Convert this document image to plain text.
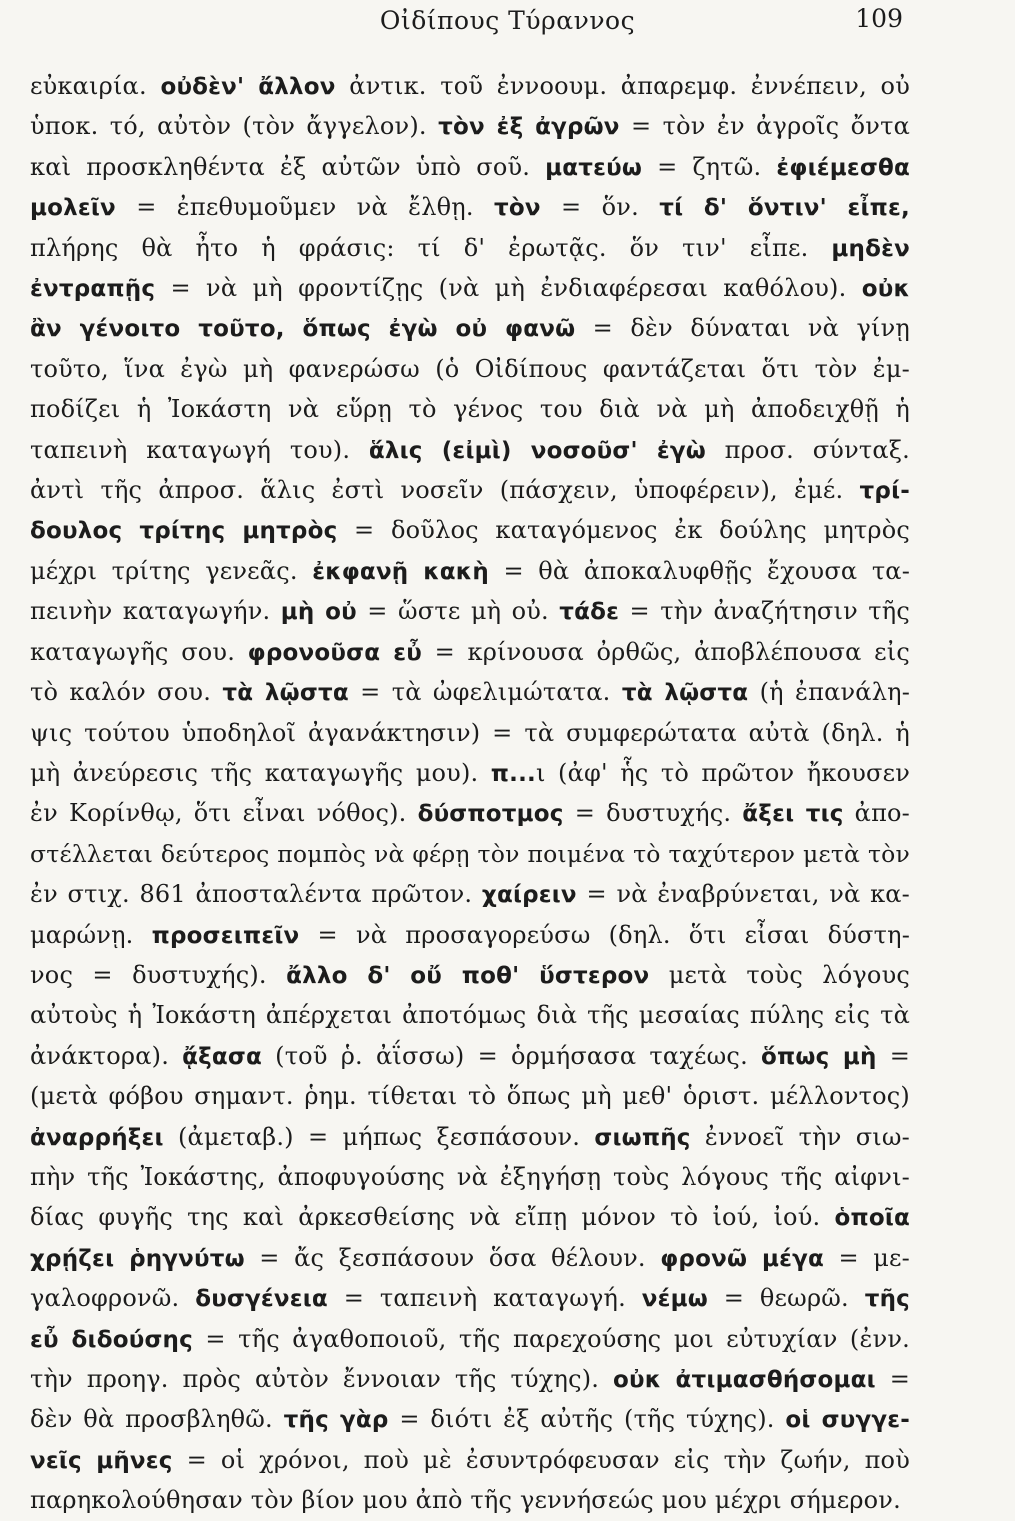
Οἰδίπους Τύραννος	109
εὐκαιρία. οὐδὲν' ἄλλον ἀντικ. τοῦ ἐννοουμ. ἀπαρεμφ. ἐννέπειν, οὐ
ὑποκ. τό, αὐτὸν (τὸν ἄγγελον). τὸν ἐξ ἀγρῶν = τὸν ἐν ἀγροῖς ὄντα
καὶ προσκληθέντα ἐξ αὐτῶν ὑπὸ σοῦ. ματεύω = ζητῶ. ἐφιέμεσθα
μολεῖν = ἐπεθυμοῦμεν νὰ ἔλθῃ. τὸν = ὅν. τί δ' ὅντιν' εἶπε,
πλήρης θὰ ἦτο ἡ φράσις: τί δ' ἐρωτᾷς. ὅν τιν' εἶπε. μηδὲν
ἐντραπῇς = νὰ μὴ φροντίζῃς (νὰ μὴ ἐνδιαφέρεσαι καθόλου). οὐκ
ἂν γένοιτο τοῦτο, ὅπως ἐγὼ οὐ φανῶ = δὲν δύναται νὰ γίνῃ
τοῦτο, ἵνα ἐγὼ μὴ φανερώσω (ὁ Οἰδίπους φαντάζεται ὅτι τὸν ἐμ-
ποδίζει ἡ Ἰοκάστη νὰ εὕρῃ τὸ γένος του διὰ νὰ μὴ ἀποδειχθῇ ἡ
ταπεινὴ καταγωγή του). ἅλις (εἰμὶ) νοσοῦσ' ἐγὼ προσ. σύνταξ.
ἀντὶ τῆς ἀπροσ. ἅλις ἐστὶ νοσεῖν (πάσχειν, ὑποφέρειν), ἐμέ. τρί-
δουλος τρίτης μητρὸς = δοῦλος καταγόμενος ἐκ δούλης μητρὸς
μέχρι τρίτης γενεᾶς. ἐκφανῇ κακὴ = θὰ ἀποκαλυφθῇς ἔχουσα τα-
πεινὴν καταγωγήν. μὴ οὐ = ὥστε μὴ οὐ. τάδε = τὴν ἀναζήτησιν τῆς
καταγωγῆς σου. φρονοῦσα εὖ = κρίνουσα ὀρθῶς, ἀποβλέπουσα εἰς
τὸ καλόν σου. τὰ λῷστα = τὰ ὠφελιμώτατα. τὰ λῷστα (ἡ ἐπανάλη-
ψις τούτου ὑποδηλοῖ ἀγανάκτησιν) = τὰ συμφερώτατα αὐτὰ (δηλ. ἡ
μὴ ἀνεύρεσις τῆς καταγωγῆς μου). π...ι (ἀφ' ἧς τὸ πρῶτον ἤκουσεν
ἐν Κορίνθῳ, ὅτι εἶναι νόθος). δύσποτμος = δυστυχής. ἄξει τις ἀπο-
στέλλεται δεύτερος πομπὸς νὰ φέρῃ τὸν ποιμένα τὸ ταχύτερον μετὰ τὸν
ἐν στιχ. 861 ἀποσταλέντα πρῶτον. χαίρειν = νὰ ἐναβρύνεται, νὰ κα-
μαρώνῃ. προσειπεῖν = νὰ προσαγορεύσω (δηλ. ὅτι εἶσαι δύστη-
νος = δυστυχής). ἄλλο δ' οὔ ποθ' ὕστερον μετὰ τοὺς λόγους
αὐτοὺς ἡ Ἰοκάστη ἀπέρχεται ἀποτόμως διὰ τῆς μεσαίας πύλης εἰς τὰ
ἀνάκτορα). ᾄξασα (τοῦ ῥ. ἀΐσσω) = ὁρμήσασα ταχέως. ὅπως μὴ =
(μετὰ φόβου σημαντ. ῥημ. τίθεται τὸ ὅπως μὴ μεθ' ὁριστ. μέλλοντος)
ἀναρρήξει (ἀμεταβ.) = μήπως ξεσπάσουν. σιωπῆς ἐννοεῖ τὴν σιω-
πὴν τῆς Ἰοκάστης, ἀποφυγούσης νὰ ἐξηγήσῃ τοὺς λόγους τῆς αἰφνι-
δίας φυγῆς της καὶ ἀρκεσθείσης νὰ εἴπῃ μόνον τὸ ἰού, ἰού. ὁποῖα
χρῄζει ῥηγνύτω = ἄς ξεσπάσουν ὅσα θέλουν. φρονῶ μέγα = με-
γαλοφρονῶ. δυσγένεια = ταπεινὴ καταγωγή. νέμω = θεωρῶ. τῆς
εὖ διδούσης = τῆς ἀγαθοποιοῦ, τῆς παρεχούσης μοι εὐτυχίαν (ἐνν.
τὴν προηγ. πρὸς αὐτὸν ἔννοιαν τῆς τύχης). οὐκ ἀτιμασθήσομαι =
δὲν θὰ προσβληθῶ. τῆς γὰρ = διότι ἐξ αὐτῆς (τῆς τύχης). οἱ συγγε-
νεῖς μῆνες = οἱ χρόνοι, ποὺ μὲ ἐσυντρόφευσαν εἰς τὴν ζωήν, ποὺ
παρηκολούθησαν τὸν βίον μου ἀπὸ τῆς γεννήσεώς μου μέχρι σήμερον.
